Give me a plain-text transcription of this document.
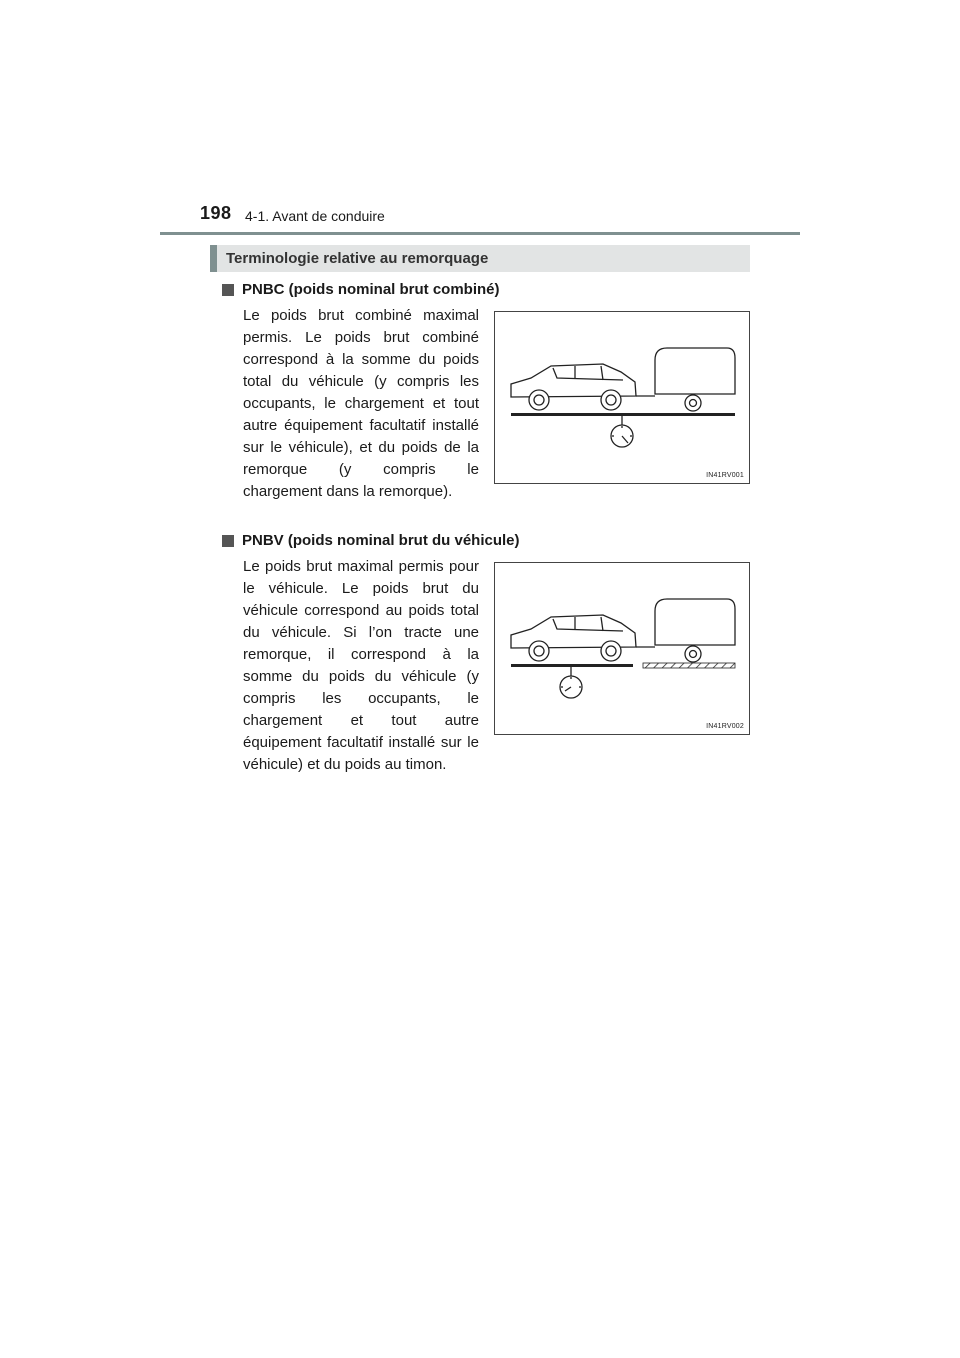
198 4-1. Avant de conduire
Terminologie relative au remorquage
PNBC (poids nominal brut combiné)
Le poids brut combiné maximal permis. Le poids brut combiné correspond à la somme du poids total du véhicule (y compris les occupants, le chargement et tout autre équipement facultatif installé sur le véhicule), et du poids de la remorque (y compris le chargement dans la remorque).
IN41RV001
PNBV (poids nominal brut du véhicule)
Le poids brut maximal permis pour le véhicule. Le poids brut du véhicule correspond au poids total du véhicule. Si l’on tracte une remorque, il correspond à la somme du poids du véhicule (y compris les occupants, le chargement et tout autre équipement facultatif installé sur le véhicule) et du poids au timon.
IN41RV002
